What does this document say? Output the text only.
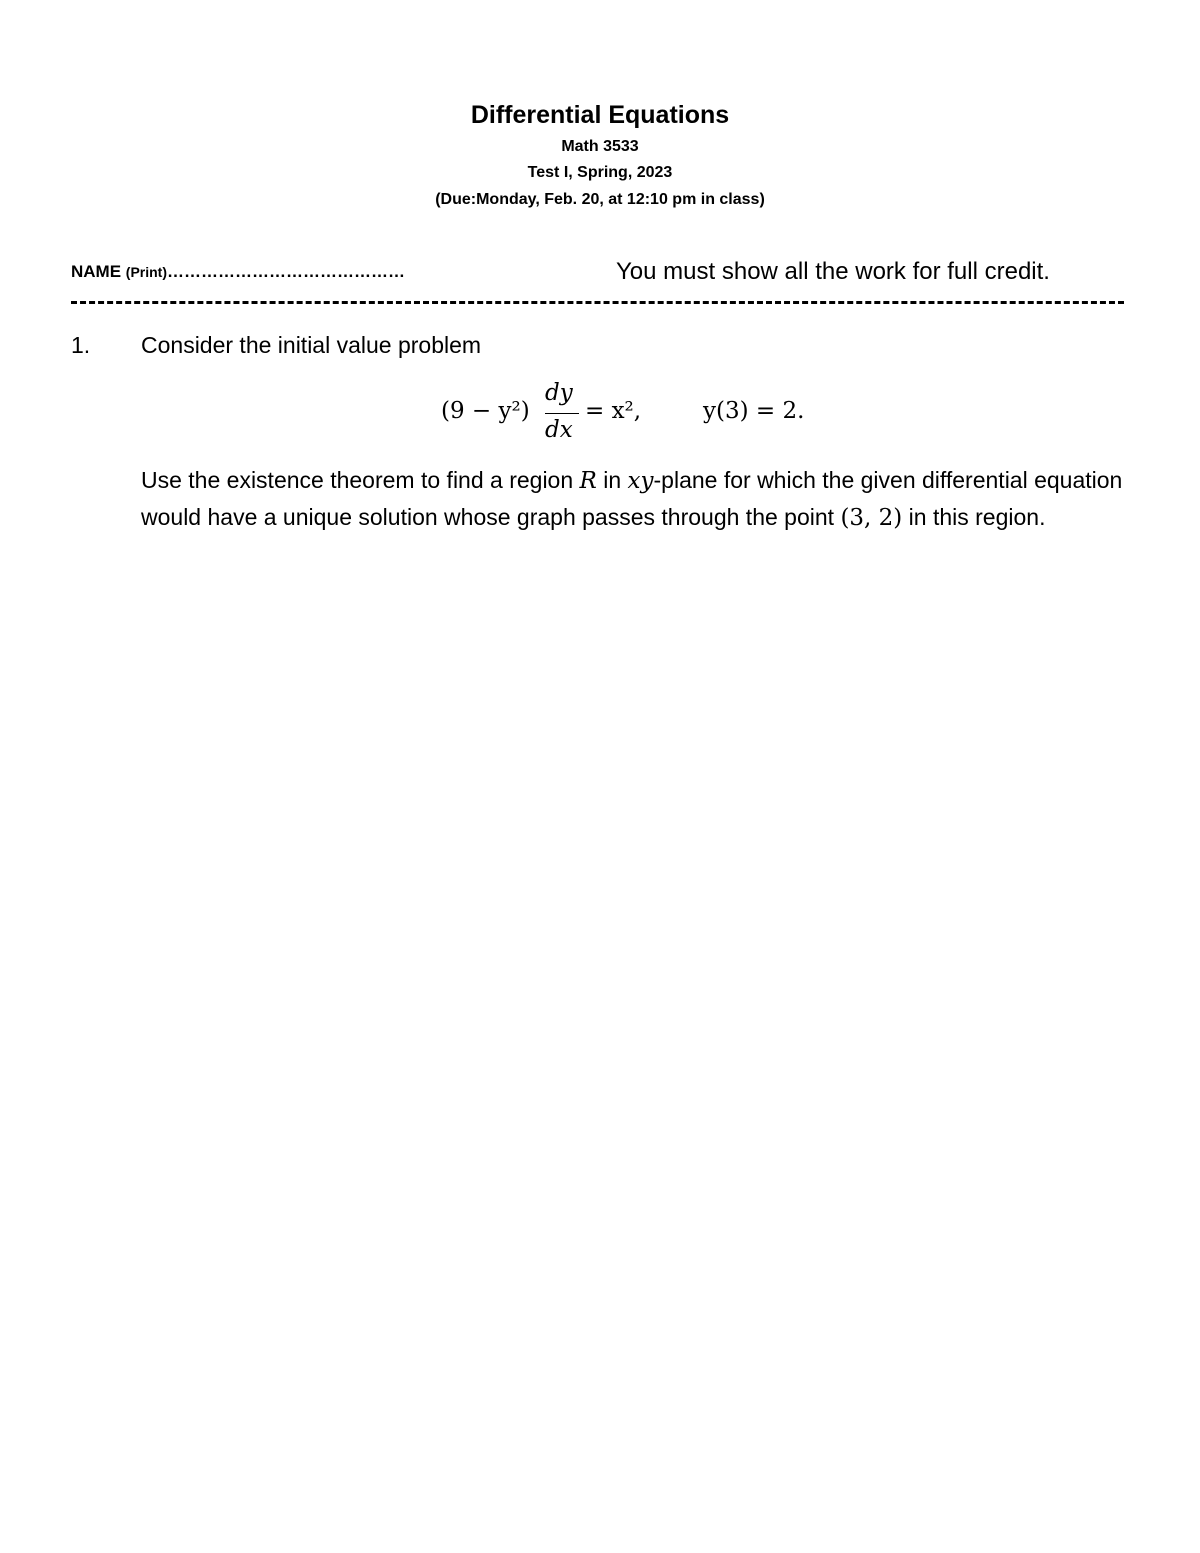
Differential Equations
Math 3533
Test I, Spring, 2023
(Due:Monday, Feb. 20, at 12:10 pm in class)
NAME (Print)……………………………………	You must show all the work for full credit.
1. Consider the initial value problem
(9 − y²)
dy
dx
= x²,	y(3) = 2.
Use the existence theorem to find a region R in xy-plane for which the given differential equation would have a unique solution whose graph passes through the point (3, 2) in this region.
